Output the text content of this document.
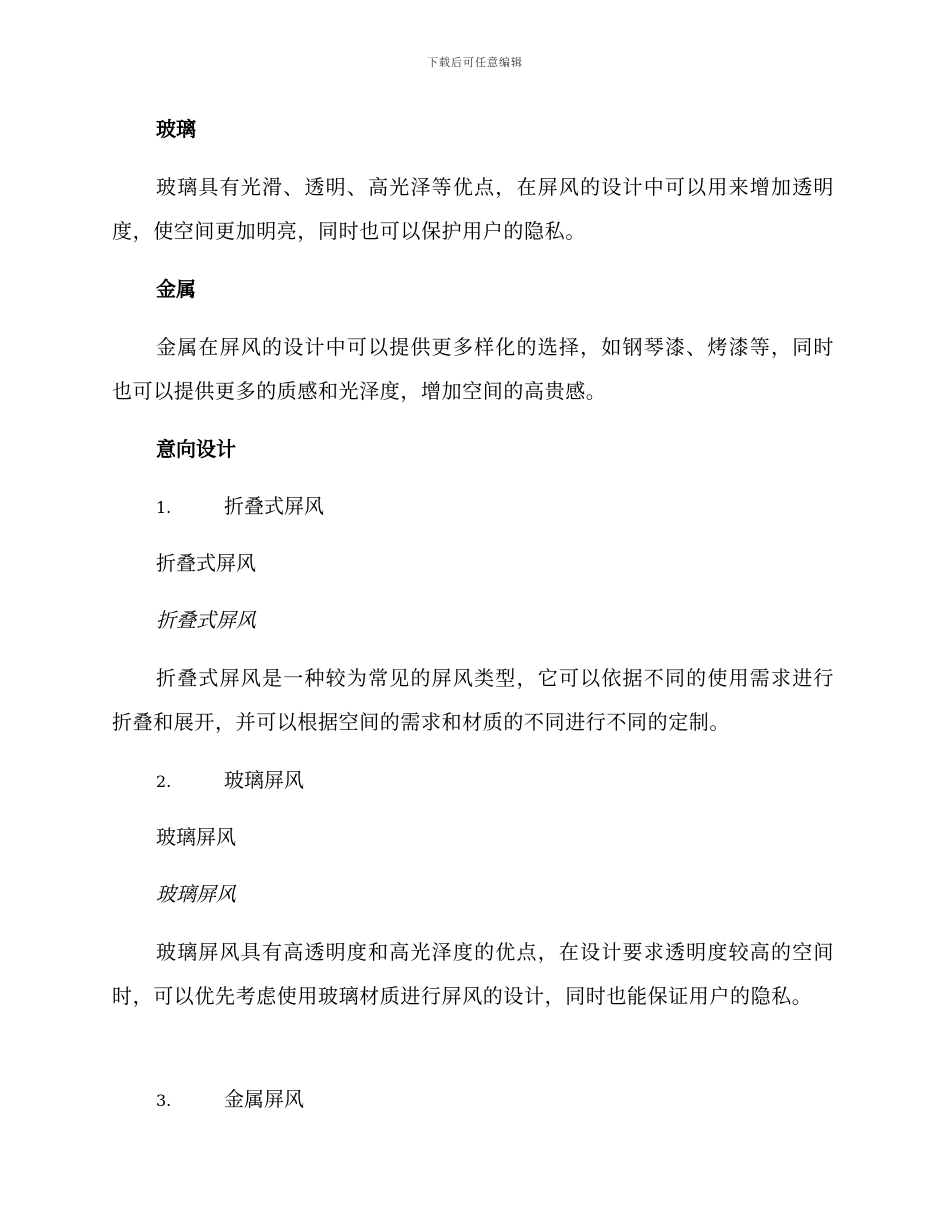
下载后可任意编辑
玻璃
玻璃具有光滑、透明、高光泽等优点，在屏风的设计中可以用来增加透明度，使空间更加明亮，同时也可以保护用户的隐私。
金属
金属在屏风的设计中可以提供更多样化的选择，如钢琴漆、烤漆等，同时也可以提供更多的质感和光泽度，增加空间的高贵感。
意向设计
1.	折叠式屏风
折叠式屏风
折叠式屏风
折叠式屏风是一种较为常见的屏风类型，它可以依据不同的使用需求进行折叠和展开，并可以根据空间的需求和材质的不同进行不同的定制。
2.	玻璃屏风
玻璃屏风
玻璃屏风
玻璃屏风具有高透明度和高光泽度的优点，在设计要求透明度较高的空间时，可以优先考虑使用玻璃材质进行屏风的设计，同时也能保证用户的隐私。
3.	金属屏风
